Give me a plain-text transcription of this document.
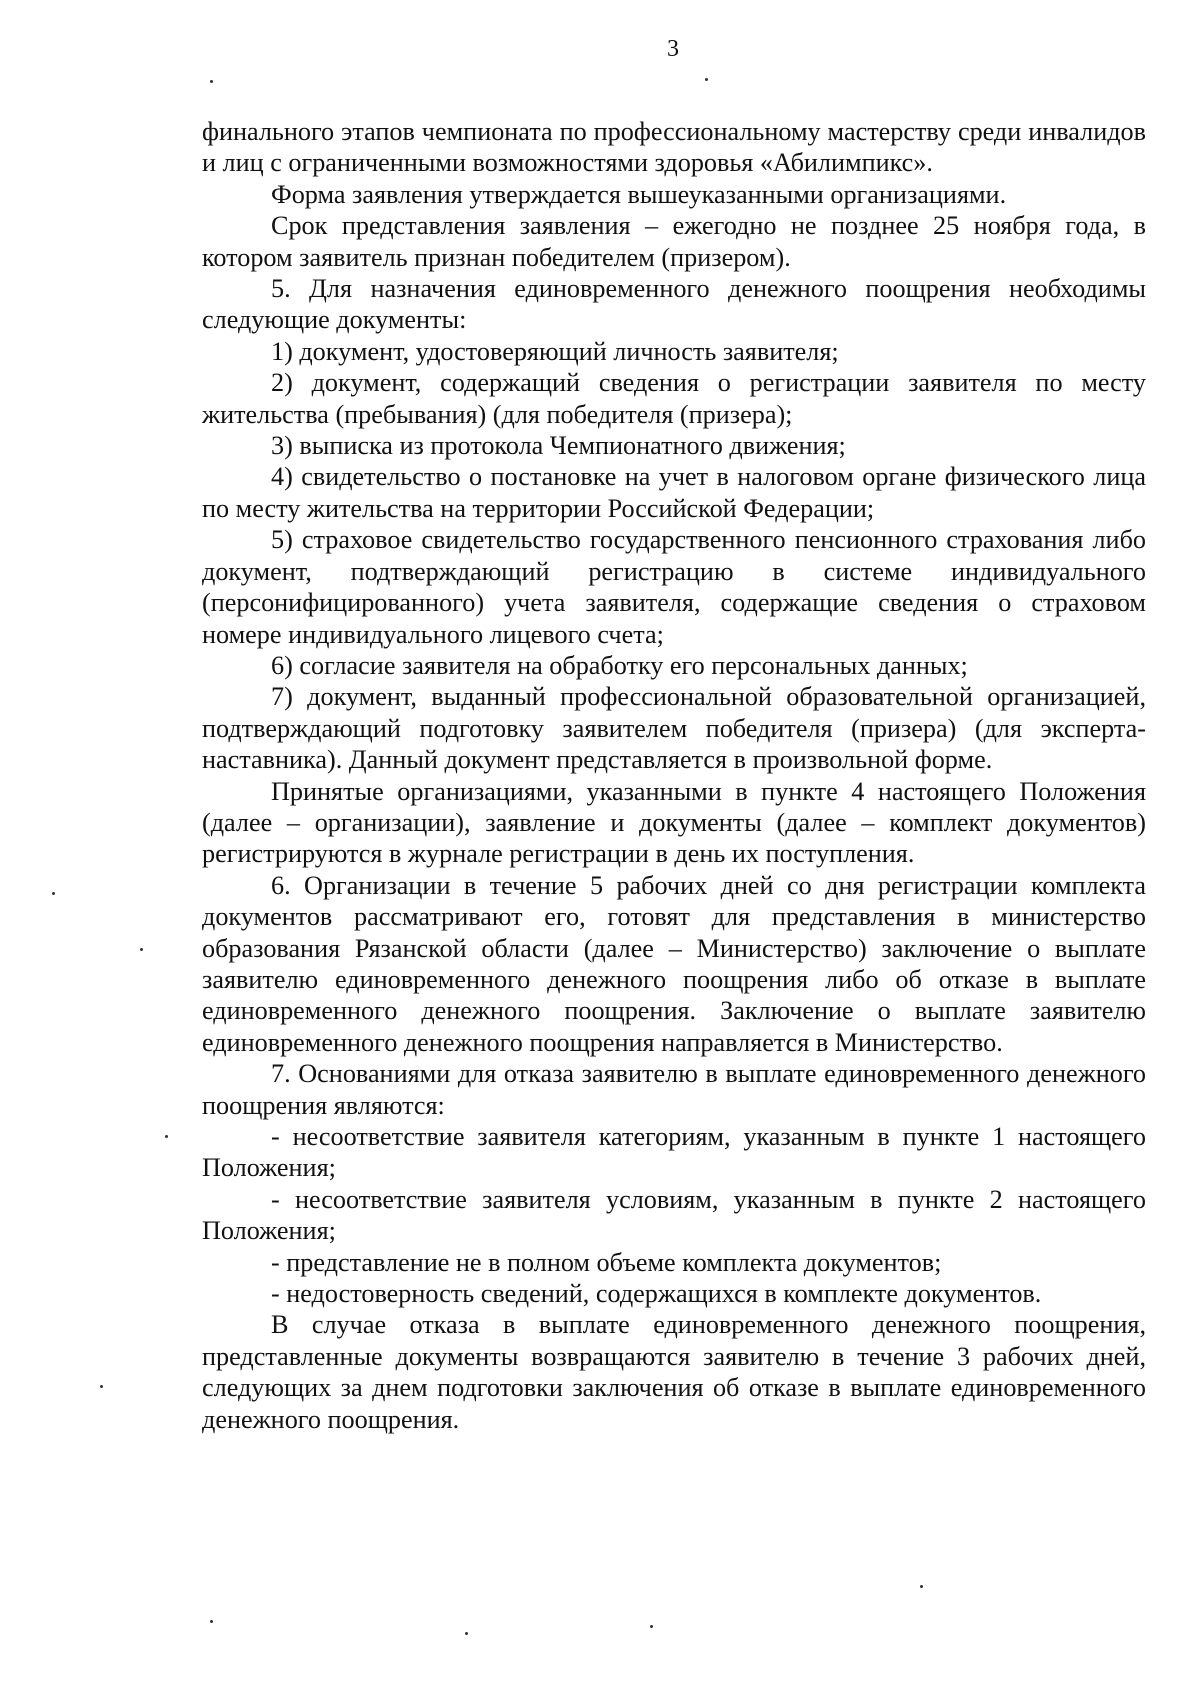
3

финального этапов чемпионата по профессиональному мастерству среди инвалидов и лиц с ограниченными возможностями здоровья «Абилимпикс».

Форма заявления утверждается вышеуказанными организациями.

Срок представления заявления – ежегодно не позднее 25 ноября года, в котором заявитель признан победителем (призером).

5. Для назначения единовременного денежного поощрения необходимы следующие документы:

1) документ, удостоверяющий личность заявителя;

2) документ, содержащий сведения о регистрации заявителя по месту жительства (пребывания) (для победителя (призера);

3) выписка из протокола Чемпионатного движения;

4) свидетельство о постановке на учет в налоговом органе физического лица по месту жительства на территории Российской Федерации;

5) страховое свидетельство государственного пенсионного страхования либо документ, подтверждающий регистрацию в системе индивидуального (персонифицированного) учета заявителя, содержащие сведения о страховом номере индивидуального лицевого счета;

6) согласие заявителя на обработку его персональных данных;

7) документ, выданный профессиональной образовательной организацией, подтверждающий подготовку заявителем победителя (призера) (для эксперта-наставника). Данный документ представляется в произвольной форме.

Принятые организациями, указанными в пункте 4 настоящего Положения (далее – организации), заявление и документы (далее – комплект документов) регистрируются в журнале регистрации в день их поступления.

6. Организации в течение 5 рабочих дней со дня регистрации комплекта документов рассматривают его, готовят для представления в министерство образования Рязанской области (далее – Министерство) заключение о выплате заявителю единовременного денежного поощрения либо об отказе в выплате единовременного денежного поощрения. Заключение о выплате заявителю единовременного денежного поощрения направляется в Министерство.

7. Основаниями для отказа заявителю в выплате единовременного денежного поощрения являются:

- несоответствие заявителя категориям, указанным в пункте 1 настоящего Положения;

- несоответствие заявителя условиям, указанным в пункте 2 настоящего Положения;

- представление не в полном объеме комплекта документов;

- недостоверность сведений, содержащихся в комплекте документов.

В случае отказа в выплате единовременного денежного поощрения, представленные документы возвращаются заявителю в течение 3 рабочих дней, следующих за днем подготовки заключения об отказе в выплате единовременного денежного поощрения.
